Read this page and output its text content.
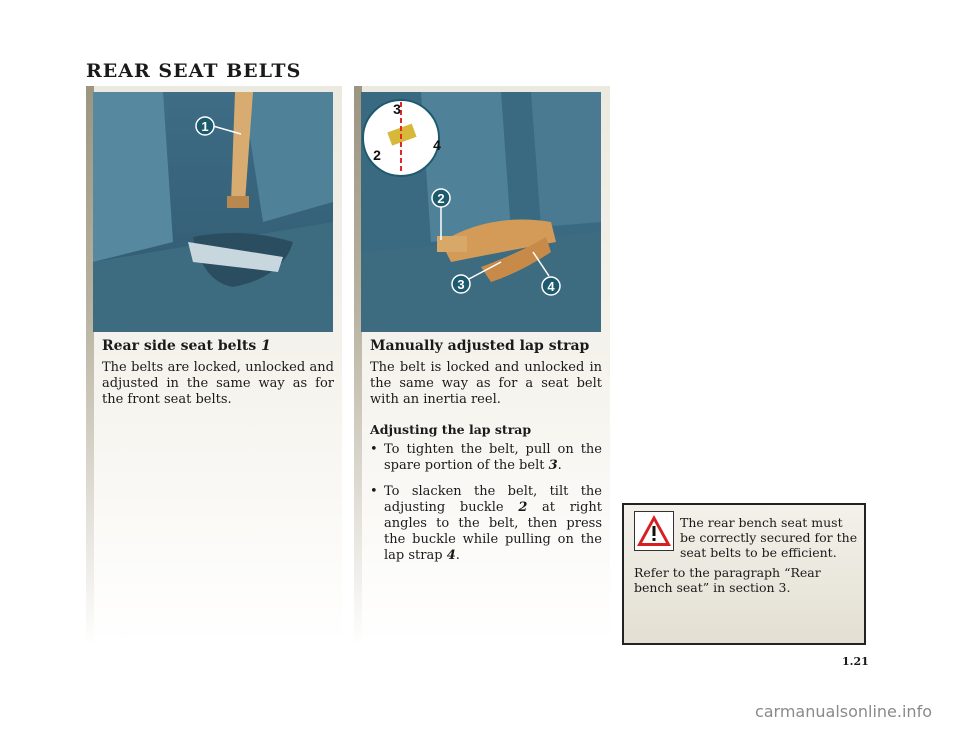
REAR SEAT BELTS
1
Rear side seat belts 1

The belts are locked, unlocked and adjusted in the same way as for the front seat belts.

3
2
4
2
3	4
Manually adjusted lap strap

The belt is locked and unlocked in the same way as for a seat belt with an inertia reel.

Adjusting the lap strap
• To tighten the belt, pull on the spare portion of the belt 3.
• To slacken the belt, tilt the adjusting buckle 2 at right angles to the belt, then press the buckle while pulling on the lap strap 4.

The rear bench seat must be correctly secured for the seat belts to be efficient.

Refer to the paragraph “Rear bench seat” in section 3.

1.21
carmanualsonline.info
